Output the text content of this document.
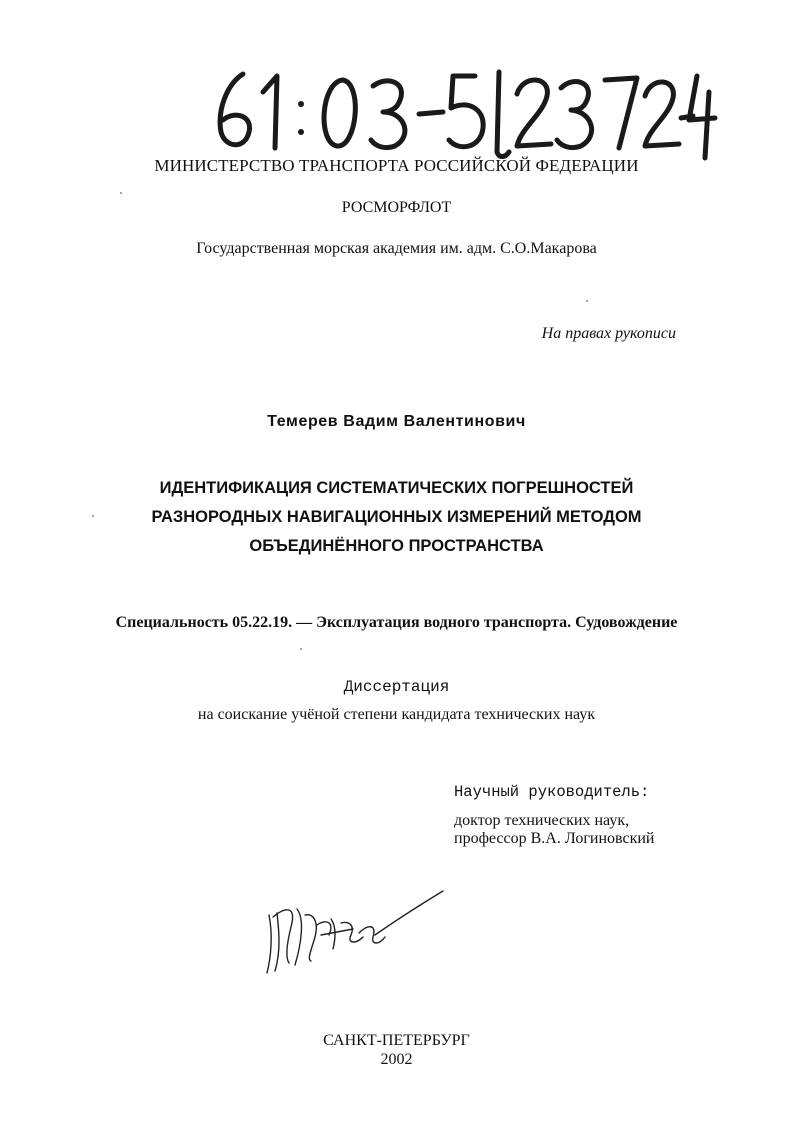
МИНИСТЕРСТВО ТРАНСПОРТА РОССИЙСКОЙ ФЕДЕРАЦИИ
РОСМОРФЛОТ
Государственная морская академия им. адм. С.О.Макарова
На правах рукописи
Темерев Вадим Валентинович
ИДЕНТИФИКАЦИЯ СИСТЕМАТИЧЕСКИХ ПОГРЕШНОСТЕЙ
РАЗНОРОДНЫХ НАВИГАЦИОННЫХ ИЗМЕРЕНИЙ МЕТОДОМ
ОБЪЕДИНЁННОГО ПРОСТРАНСТВА
Специальность 05.22.19. — Эксплуатация водного транспорта. Судовождение
Диссертация
на соискание учёной степени кандидата технических наук
Научный руководитель:
доктор технических наук,
профессор В.А. Логиновский
САНКТ-ПЕТЕРБУРГ
2002
